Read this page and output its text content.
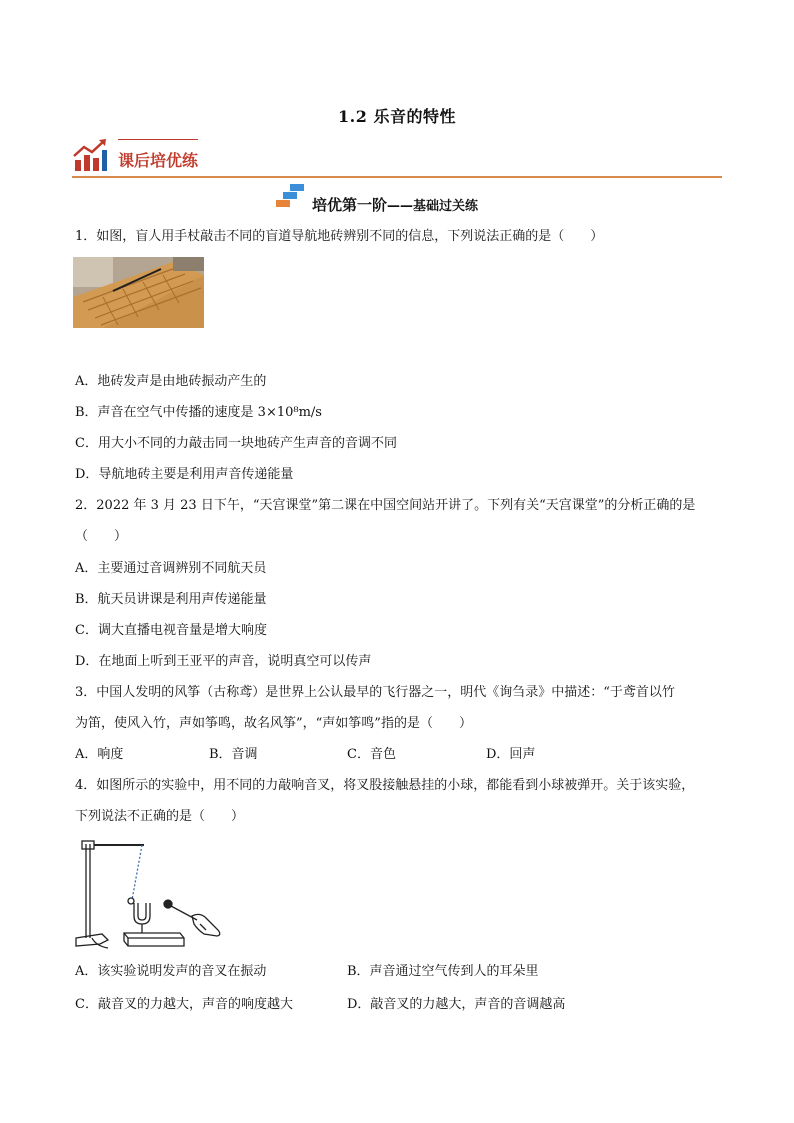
1.2 乐音的特性
课后培优练
培优第一阶——基础过关练
1．如图，盲人用手杖敲击不同的盲道导航地砖辨别不同的信息，下列说法正确的是（　　）
A．地砖发声是由地砖振动产生的
B．声音在空气中传播的速度是 3×10⁸m/s
C．用大小不同的力敲击同一块地砖产生声音的音调不同
D．导航地砖主要是利用声音传递能量
2．2022 年 3 月 23 日下午，“天宫课堂”第二课在中国空间站开讲了。下列有关“天宫课堂”的分析正确的是
（　　）
A．主要通过音调辨别不同航天员
B．航天员讲课是利用声传递能量
C．调大直播电视音量是增大响度
D．在地面上听到王亚平的声音，说明真空可以传声
3．中国人发明的风筝（古称鸢）是世界上公认最早的飞行器之一，明代《询刍录》中描述：“于鸢首以竹
为笛，使风入竹，声如筝鸣，故名风筝”，“声如筝鸣”指的是（　　）
A．响度	B．音调	C．音色	D．回声
4．如图所示的实验中，用不同的力敲响音叉，将叉股接触悬挂的小球，都能看到小球被弹开。关于该实验，
下列说法不正确的是（　　）
A．该实验说明发声的音叉在振动	B．声音通过空气传到人的耳朵里
C．敲音叉的力越大，声音的响度越大	D．敲音叉的力越大，声音的音调越高
